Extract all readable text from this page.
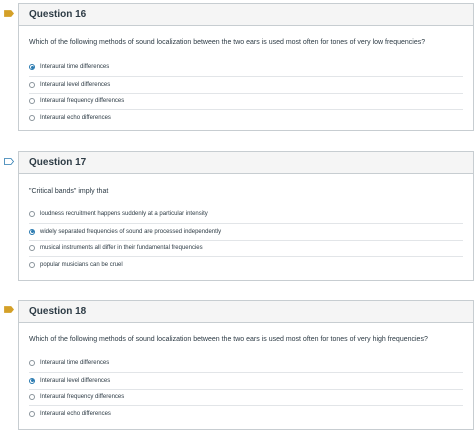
Question 16
Which of the following methods of sound localization between the two ears is used most often for tones of very low frequencies?
Interaural time differences
Interaural level differences
Interaural frequency differences
Interaural echo differences
Question 17
"Critical bands" imply that
loudness recruitment happens suddenly at a particular intensity
widely separated frequencies of sound are processed independently
musical instruments all differ in their fundamental frequencies
popular musicians can be cruel
Question 18
Which of the following methods of sound localization between the two ears is used most often for tones of very high frequencies?
Interaural time differences
Interaural level differences
Interaural frequency differences
Interaural echo differences
